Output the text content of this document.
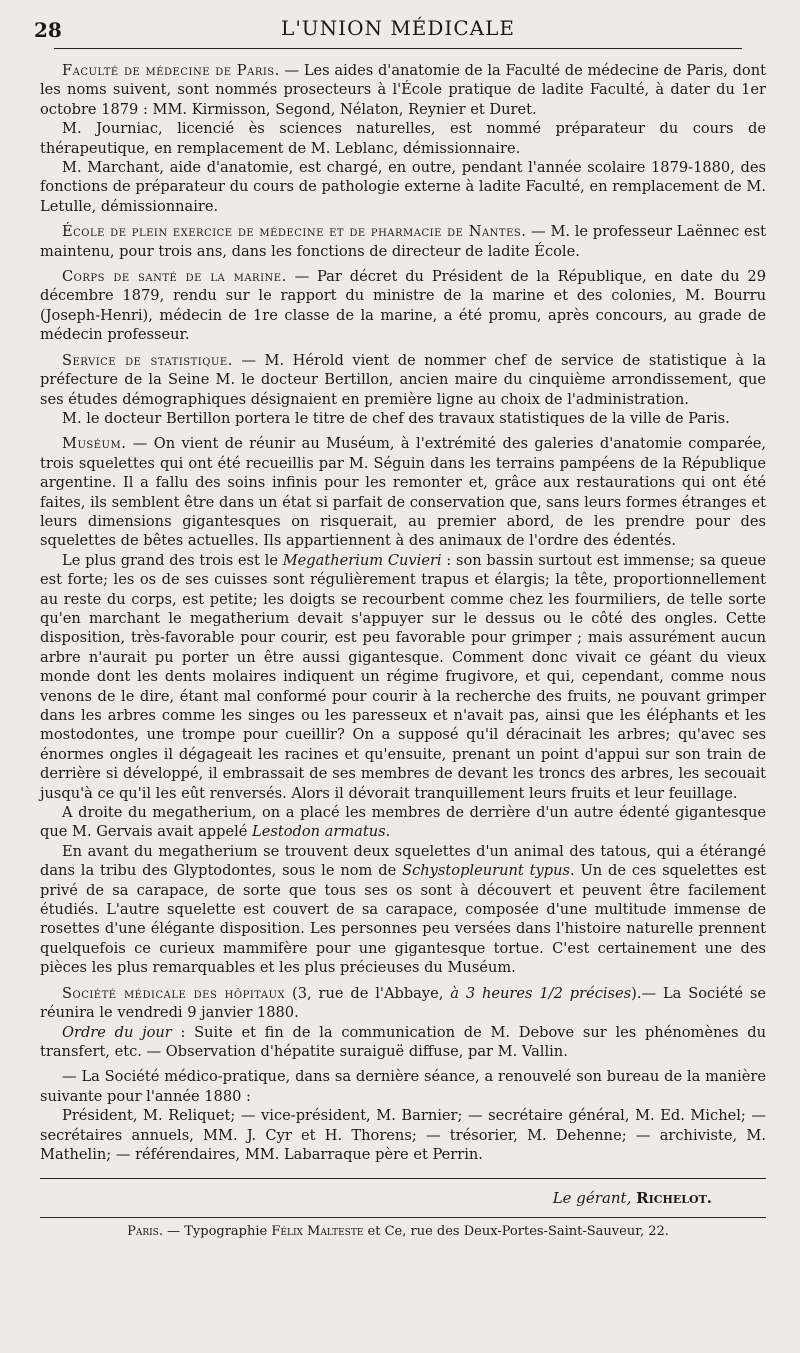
28	L'UNION MÉDICALE

Faculté de médecine de Paris. — Les aides d'anatomie de la Faculté de médecine de Paris, dont les noms suivent, sont nommés prosecteurs à l'École pratique de ladite Faculté, à dater du 1er octobre 1879 : MM. Kirmisson, Segond, Nélaton, Reynier et Duret.

M. Journiac, licencié ès sciences naturelles, est nommé préparateur du cours de thérapeutique, en remplacement de M. Leblanc, démissionnaire.

M. Marchant, aide d'anatomie, est chargé, en outre, pendant l'année scolaire 1879-1880, des fonctions de préparateur du cours de pathologie externe à ladite Faculté, en remplacement de M. Letulle, démissionnaire.

École de plein exercice de médecine et de pharmacie de Nantes. — M. le professeur Laënnec est maintenu, pour trois ans, dans les fonctions de directeur de ladite École.

Corps de santé de la marine. — Par décret du Président de la République, en date du 29 décembre 1879, rendu sur le rapport du ministre de la marine et des colonies, M. Bourru (Joseph-Henri), médecin de 1re classe de la marine, a été promu, après concours, au grade de médecin professeur.

Service de statistique. — M. Hérold vient de nommer chef de service de statistique à la préfecture de la Seine M. le docteur Bertillon, ancien maire du cinquième arrondissement, que ses études démographiques désignaient en première ligne au choix de l'administration.

M. le docteur Bertillon portera le titre de chef des travaux statistiques de la ville de Paris.

Muséum. — On vient de réunir au Muséum, à l'extrémité des galeries d'anatomie comparée, trois squelettes qui ont été recueillis par M. Séguin dans les terrains pampéens de la République argentine. Il a fallu des soins infinis pour les remonter et, grâce aux restaurations qui ont été faites, ils semblent être dans un état si parfait de conservation que, sans leurs formes étranges et leurs dimensions gigantesques on risquerait, au premier abord, de les prendre pour des squelettes de bêtes actuelles. Ils appartiennent à des animaux de l'ordre des édentés.

Le plus grand des trois est le Megatherium Cuvieri : son bassin surtout est immense; sa queue est forte; les os de ses cuisses sont régulièrement trapus et élargis; la tête, proportionnellement au reste du corps, est petite; les doigts se recourbent comme chez les fourmiliers, de telle sorte qu'en marchant le megatherium devait s'appuyer sur le dessus ou le côté des ongles. Cette disposition, très-favorable pour courir, est peu favorable pour grimper ; mais assurément aucun arbre n'aurait pu porter un être aussi gigantesque. Comment donc vivait ce géant du vieux monde dont les dents molaires indiquent un régime frugivore, et qui, cependant, comme nous venons de le dire, étant mal conformé pour courir à la recherche des fruits, ne pouvant grimper dans les arbres comme les singes ou les paresseux et n'avait pas, ainsi que les éléphants et les mostodontes, une trompe pour cueillir? On a supposé qu'il déracinait les arbres; qu'avec ses énormes ongles il dégageait les racines et qu'ensuite, prenant un point d'appui sur son train de derrière si développé, il embrassait de ses membres de devant les troncs des arbres, les secouait jusqu'à ce qu'il les eût renversés. Alors il dévorait tranquillement leurs fruits et leur feuillage.

A droite du megatherium, on a placé les membres de derrière d'un autre édenté gigantesque que M. Gervais avait appelé Lestodon armatus.

En avant du megatherium se trouvent deux squelettes d'un animal des tatous, qui a étérangé dans la tribu des Glyptodontes, sous le nom de Schystopleurunt typus. Un de ces squelettes est privé de sa carapace, de sorte que tous ses os sont à découvert et peuvent être facilement étudiés. L'autre squelette est couvert de sa carapace, composée d'une multitude immense de rosettes d'une élégante disposition. Les personnes peu versées dans l'histoire naturelle prennent quelquefois ce curieux mammifère pour une gigantesque tortue. C'est certainement une des pièces les plus remarquables et les plus précieuses du Muséum.

Société médicale des hôpitaux (3, rue de l'Abbaye, à 3 heures 1/2 précises).— La Société se réunira le vendredi 9 janvier 1880.

Ordre du jour : Suite et fin de la communication de M. Debove sur les phénomènes du transfert, etc. — Observation d'hépatite suraiguë diffuse, par M. Vallin.

— La Société médico-pratique, dans sa dernière séance, a renouvelé son bureau de la manière suivante pour l'année 1880 :

Président, M. Reliquet; — vice-président, M. Barnier; — secrétaire général, M. Ed. Michel; — secrétaires annuels, MM. J. Cyr et H. Thorens; — trésorier, M. Dehenne; — archiviste, M. Mathelin; — référendaires, MM. Labarraque père et Perrin.

Le gérant, Richelot.
Paris. — Typographie Félix Malteste et Ce, rue des Deux-Portes-Saint-Sauveur, 22.
